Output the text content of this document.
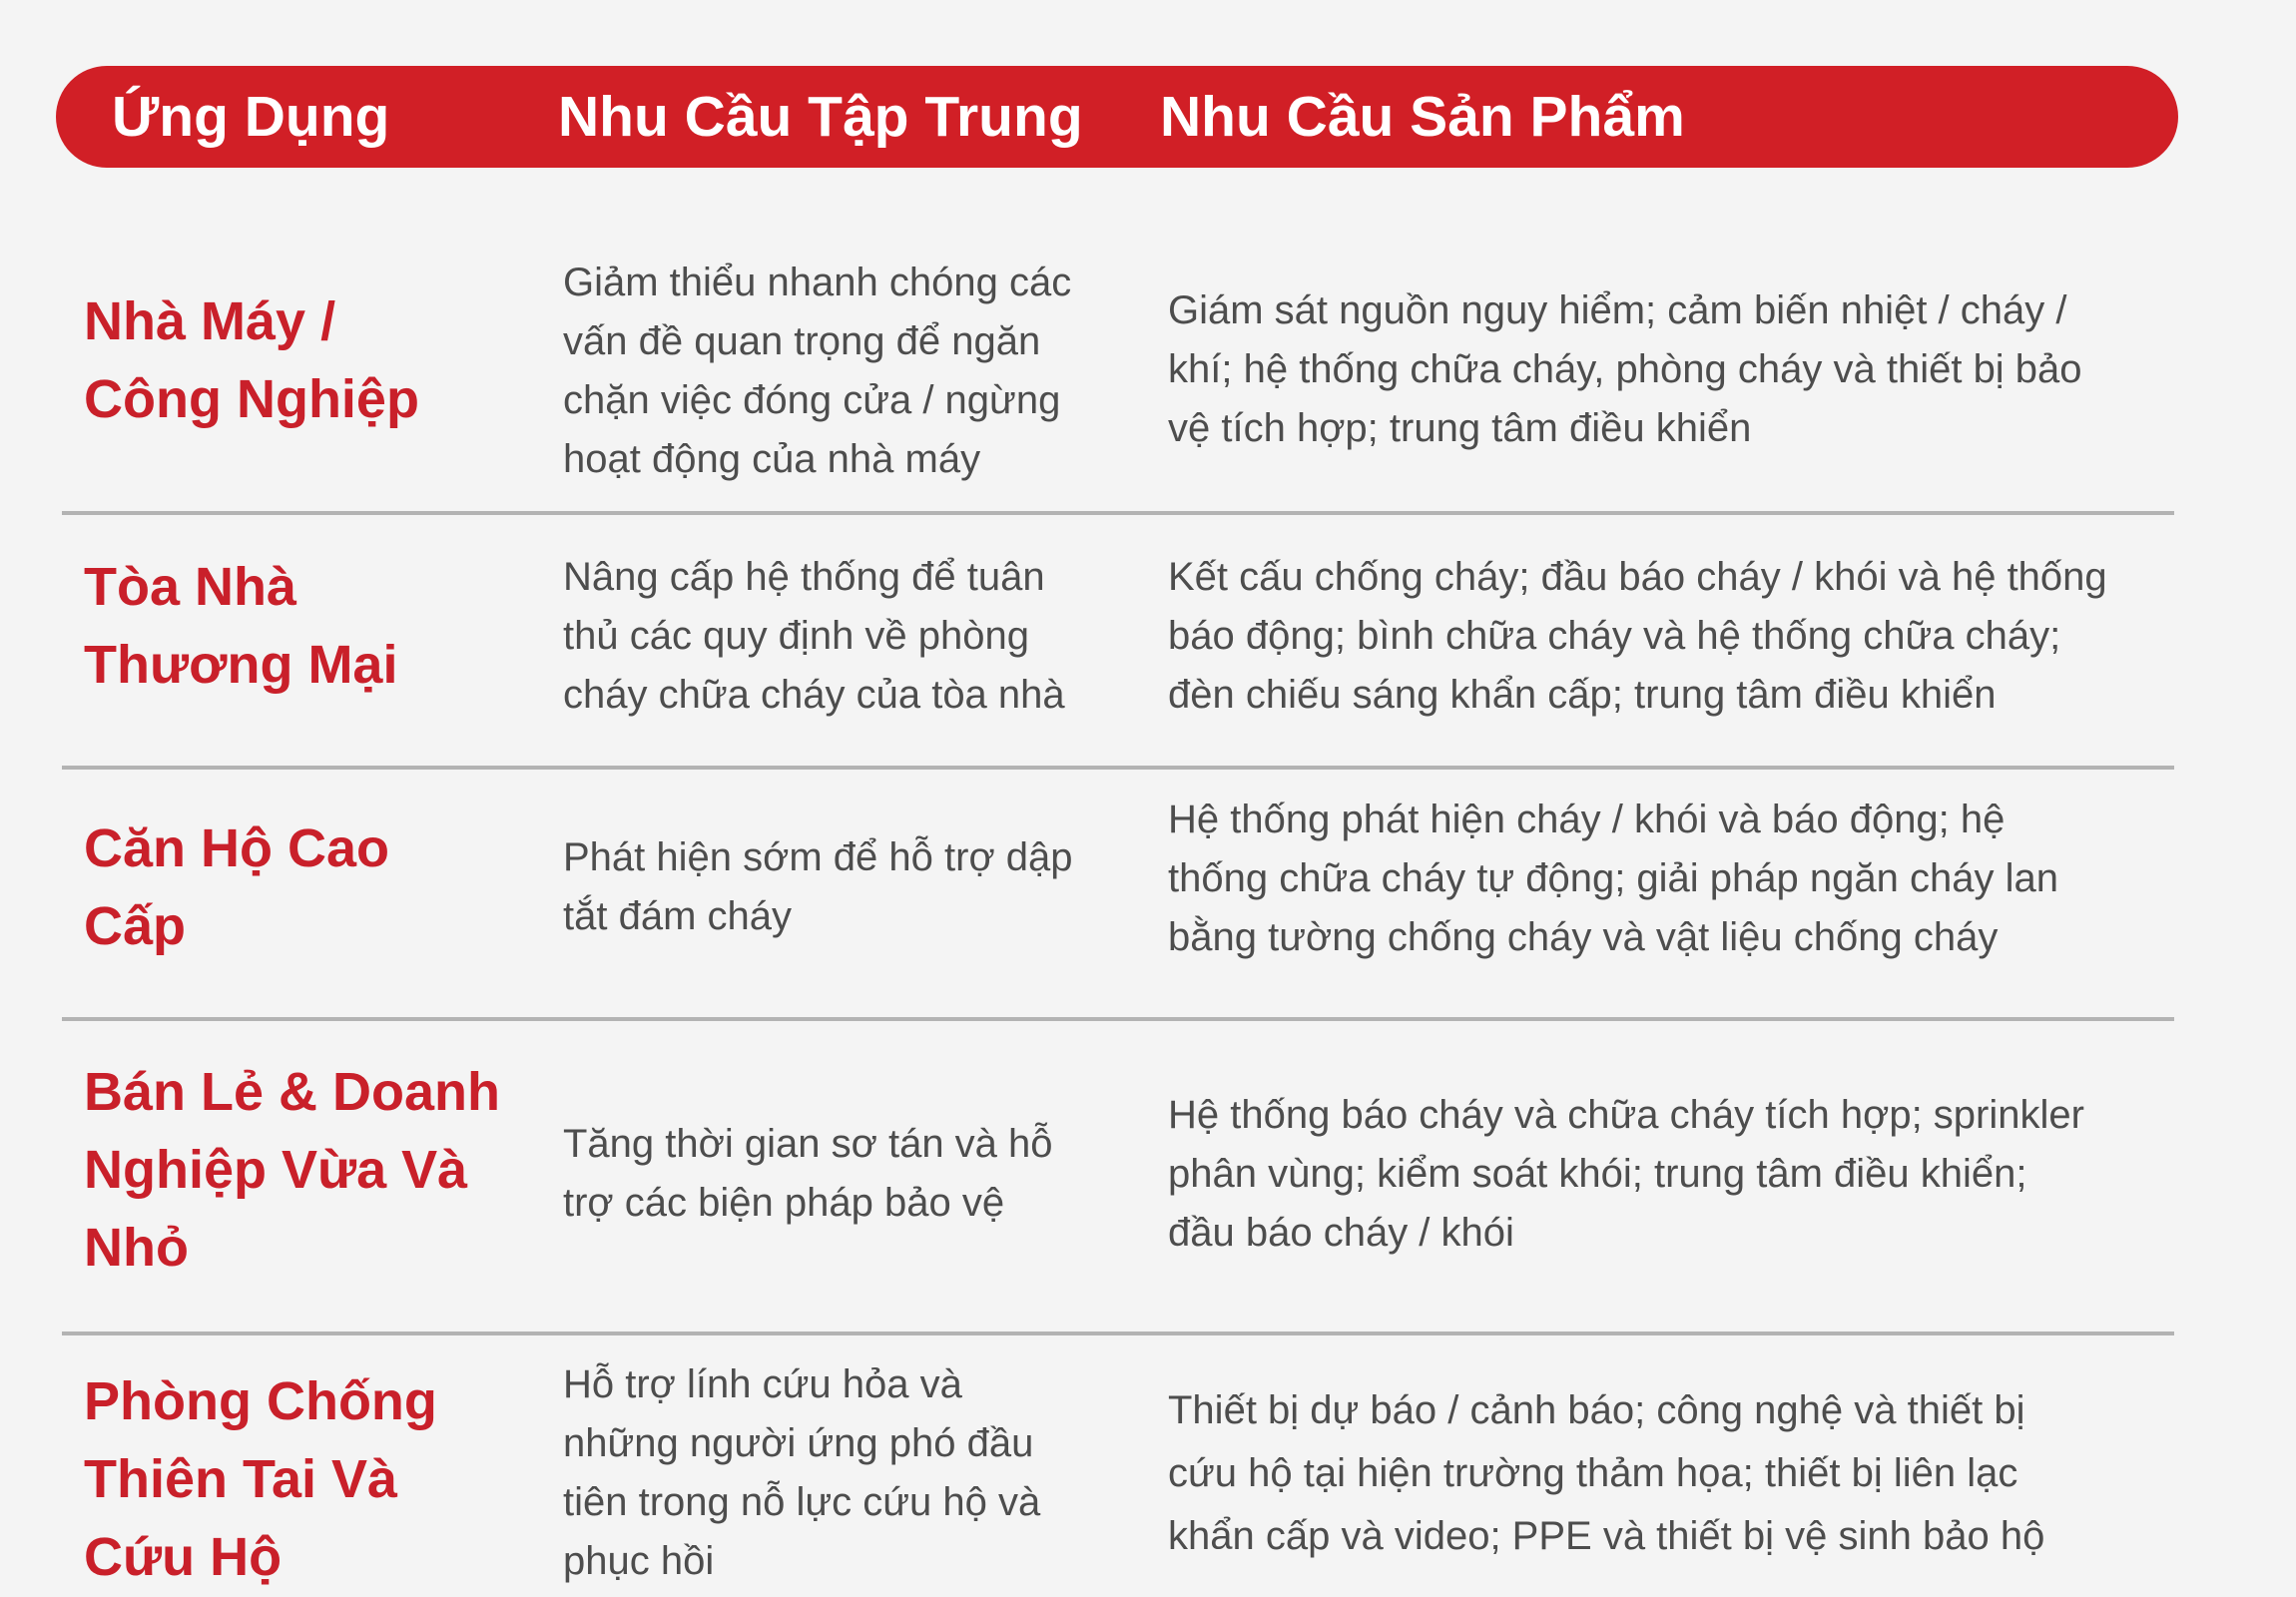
Ứng Dụng	Nhu Cầu Tập Trung Nhu Cầu Sản Phẩm
Nhà Máy /
Công Nghiệp
Giảm thiểu nhanh chóng các
vấn đề quan trọng để ngăn
chặn việc đóng cửa / ngừng
hoạt động của nhà máy
Giám sát nguồn nguy hiểm; cảm biến nhiệt / cháy /
khí; hệ thống chữa cháy, phòng cháy và thiết bị bảo
vệ tích hợp; trung tâm điều khiển
Tòa Nhà
Thương Mại
Nâng cấp hệ thống để tuân
thủ các quy định về phòng
cháy chữa cháy của tòa nhà
Kết cấu chống cháy; đầu báo cháy / khói và hệ thống
báo động; bình chữa cháy và hệ thống chữa cháy;
đèn chiếu sáng khẩn cấp; trung tâm điều khiển
Căn Hộ Cao
Cấp
Phát hiện sớm để hỗ trợ dập
tắt đám cháy
Hệ thống phát hiện cháy / khói và báo động; hệ
thống chữa cháy tự động; giải pháp ngăn cháy lan
bằng tường chống cháy và vật liệu chống cháy
Bán Lẻ & Doanh
Nghiệp Vừa Và
Nhỏ
Tăng thời gian sơ tán và hỗ
trợ các biện pháp bảo vệ
Hệ thống báo cháy và chữa cháy tích hợp; sprinkler
phân vùng; kiểm soát khói; trung tâm điều khiển;
đầu báo cháy / khói
Phòng Chống
Thiên Tai Và
Cứu Hộ
Hỗ trợ lính cứu hỏa và
những người ứng phó đầu
tiên trong nỗ lực cứu hộ và
phục hồi
Thiết bị dự báo / cảnh báo; công nghệ và thiết bị
cứu hộ tại hiện trường thảm họa; thiết bị liên lạc
khẩn cấp và video; PPE và thiết bị vệ sinh bảo hộ
